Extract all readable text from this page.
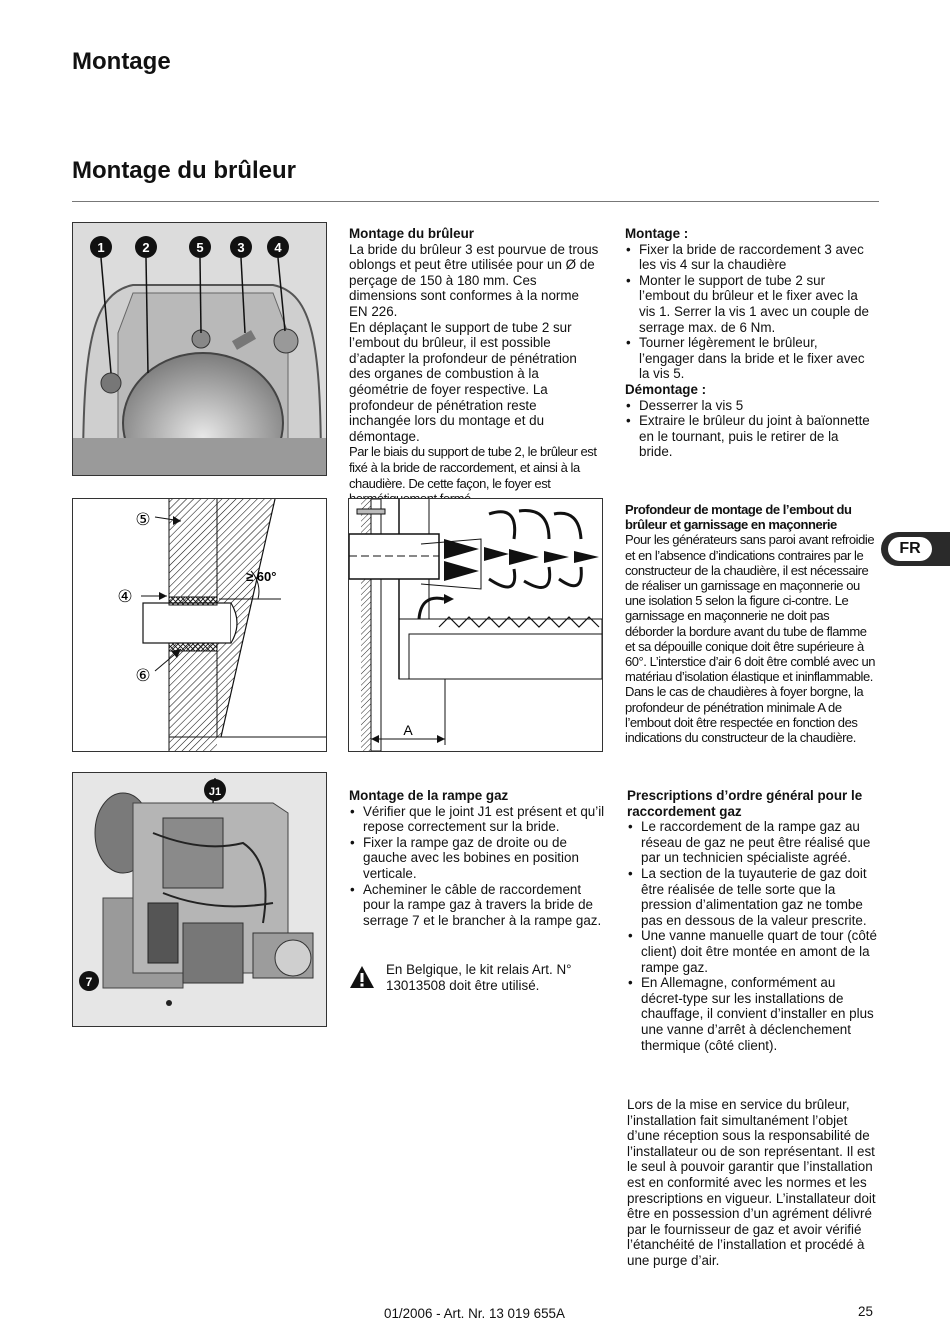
Montage
Montage du brûleur
1	2	5	3 4

Montage du brûleur

La bride du brûleur 3 est pourvue de trous oblongs et peut être utilisée pour un Ø de perçage de 150 à 180 mm. Ces dimensions sont conformes à la norme EN 226.

En déplaçant le support de tube 2 sur l’embout du brûleur, il est possible d’adapter la profondeur de pénétration des organes de combustion à la géométrie de foyer respective. La profondeur de pénétration reste inchangée lors du montage et du démontage.

Par le biais du support de tube 2, le brûleur est fixé à la bride de raccordement, et ainsi à la chaudière. De cette façon, le foyer est

Montage :

• Fixer la bride de raccordement 3 avec les vis 4 sur la chaudière
• Monter le support de tube 2 sur l’embout du brûleur et le fixer avec la vis 1. Serrer la vis 1 avec un couple de serrage max. de 6 Nm.
• Tourner légèrement le brûleur, l’engager dans la bride et le fixer avec la vis 5.

Démontage :

• Desserrer la vis 5
• Extraire le brûleur du joint à baïonnette en le tournant, puis le retirer de la bride.
⑤
④
⑥
≥ 60°
A

Profondeur de montage de l’embout du brûleur et garnissage en maçonnerie

Pour les générateurs sans paroi avant refroidie et en l’absence d’indications contraires par le constructeur de la chaudière, il est nécessaire de réaliser un garnissage en maçonnerie ou une isolation 5 selon la figure ci-contre. Le garnissage en maçonnerie ne doit pas déborder la bordure avant du tube de flamme et sa dépouille conique doit être supérieure à 60°. L’interstice d’air 6 doit être comblé avec un matériau d’isolation élastique et ininflammable. Dans le cas de chaudières à foyer borgne, la profondeur de pénétration minimale A de l’embout doit être respectée en fonction des indications du constructeur de la chaudière.

FR
J1
7

Montage de la rampe gaz

• Vérifier que le joint J1 est présent et qu’il repose correctement sur la bride.
• Fixer la rampe gaz de droite ou de gauche avec les bobines en position verticale.
• Acheminer le câble de raccordement pour la rampe gaz à travers la bride de serrage 7 et le brancher à la rampe gaz.
En Belgique, le kit relais Art. N° 13013508 doit être utilisé.

Prescriptions d’ordre général pour le raccordement gaz

• Le raccordement de la rampe gaz au réseau de gaz ne peut être réalisé que par un technicien spécialiste agréé.
• La section de la tuyauterie de gaz doit être réalisée de telle sorte que la pression d’alimentation gaz ne tombe pas en dessous de la valeur prescrite.
• Une vanne manuelle quart de tour (côté client) doit être montée en amont de la rampe gaz.
• En Allemagne, conformément au décret-type sur les installations de chauffage, il convient d’installer en plus une vanne d’arrêt à déclenchement thermique (côté client).

Lors de la mise en service du brûleur, l’installation fait simultanément l’objet d’une réception sous la responsabilité de l’installateur ou de son représentant. Il est le seul à pouvoir garantir que l’installation est en conformité avec les normes et les prescriptions en vigueur. L’installateur doit être en possession d’un agrément délivré par le fournisseur de gaz et avoir vérifié l’étanchéité de l’installation et procédé à une purge d’air.

01/2006 - Art. Nr. 13 019 655A	25
